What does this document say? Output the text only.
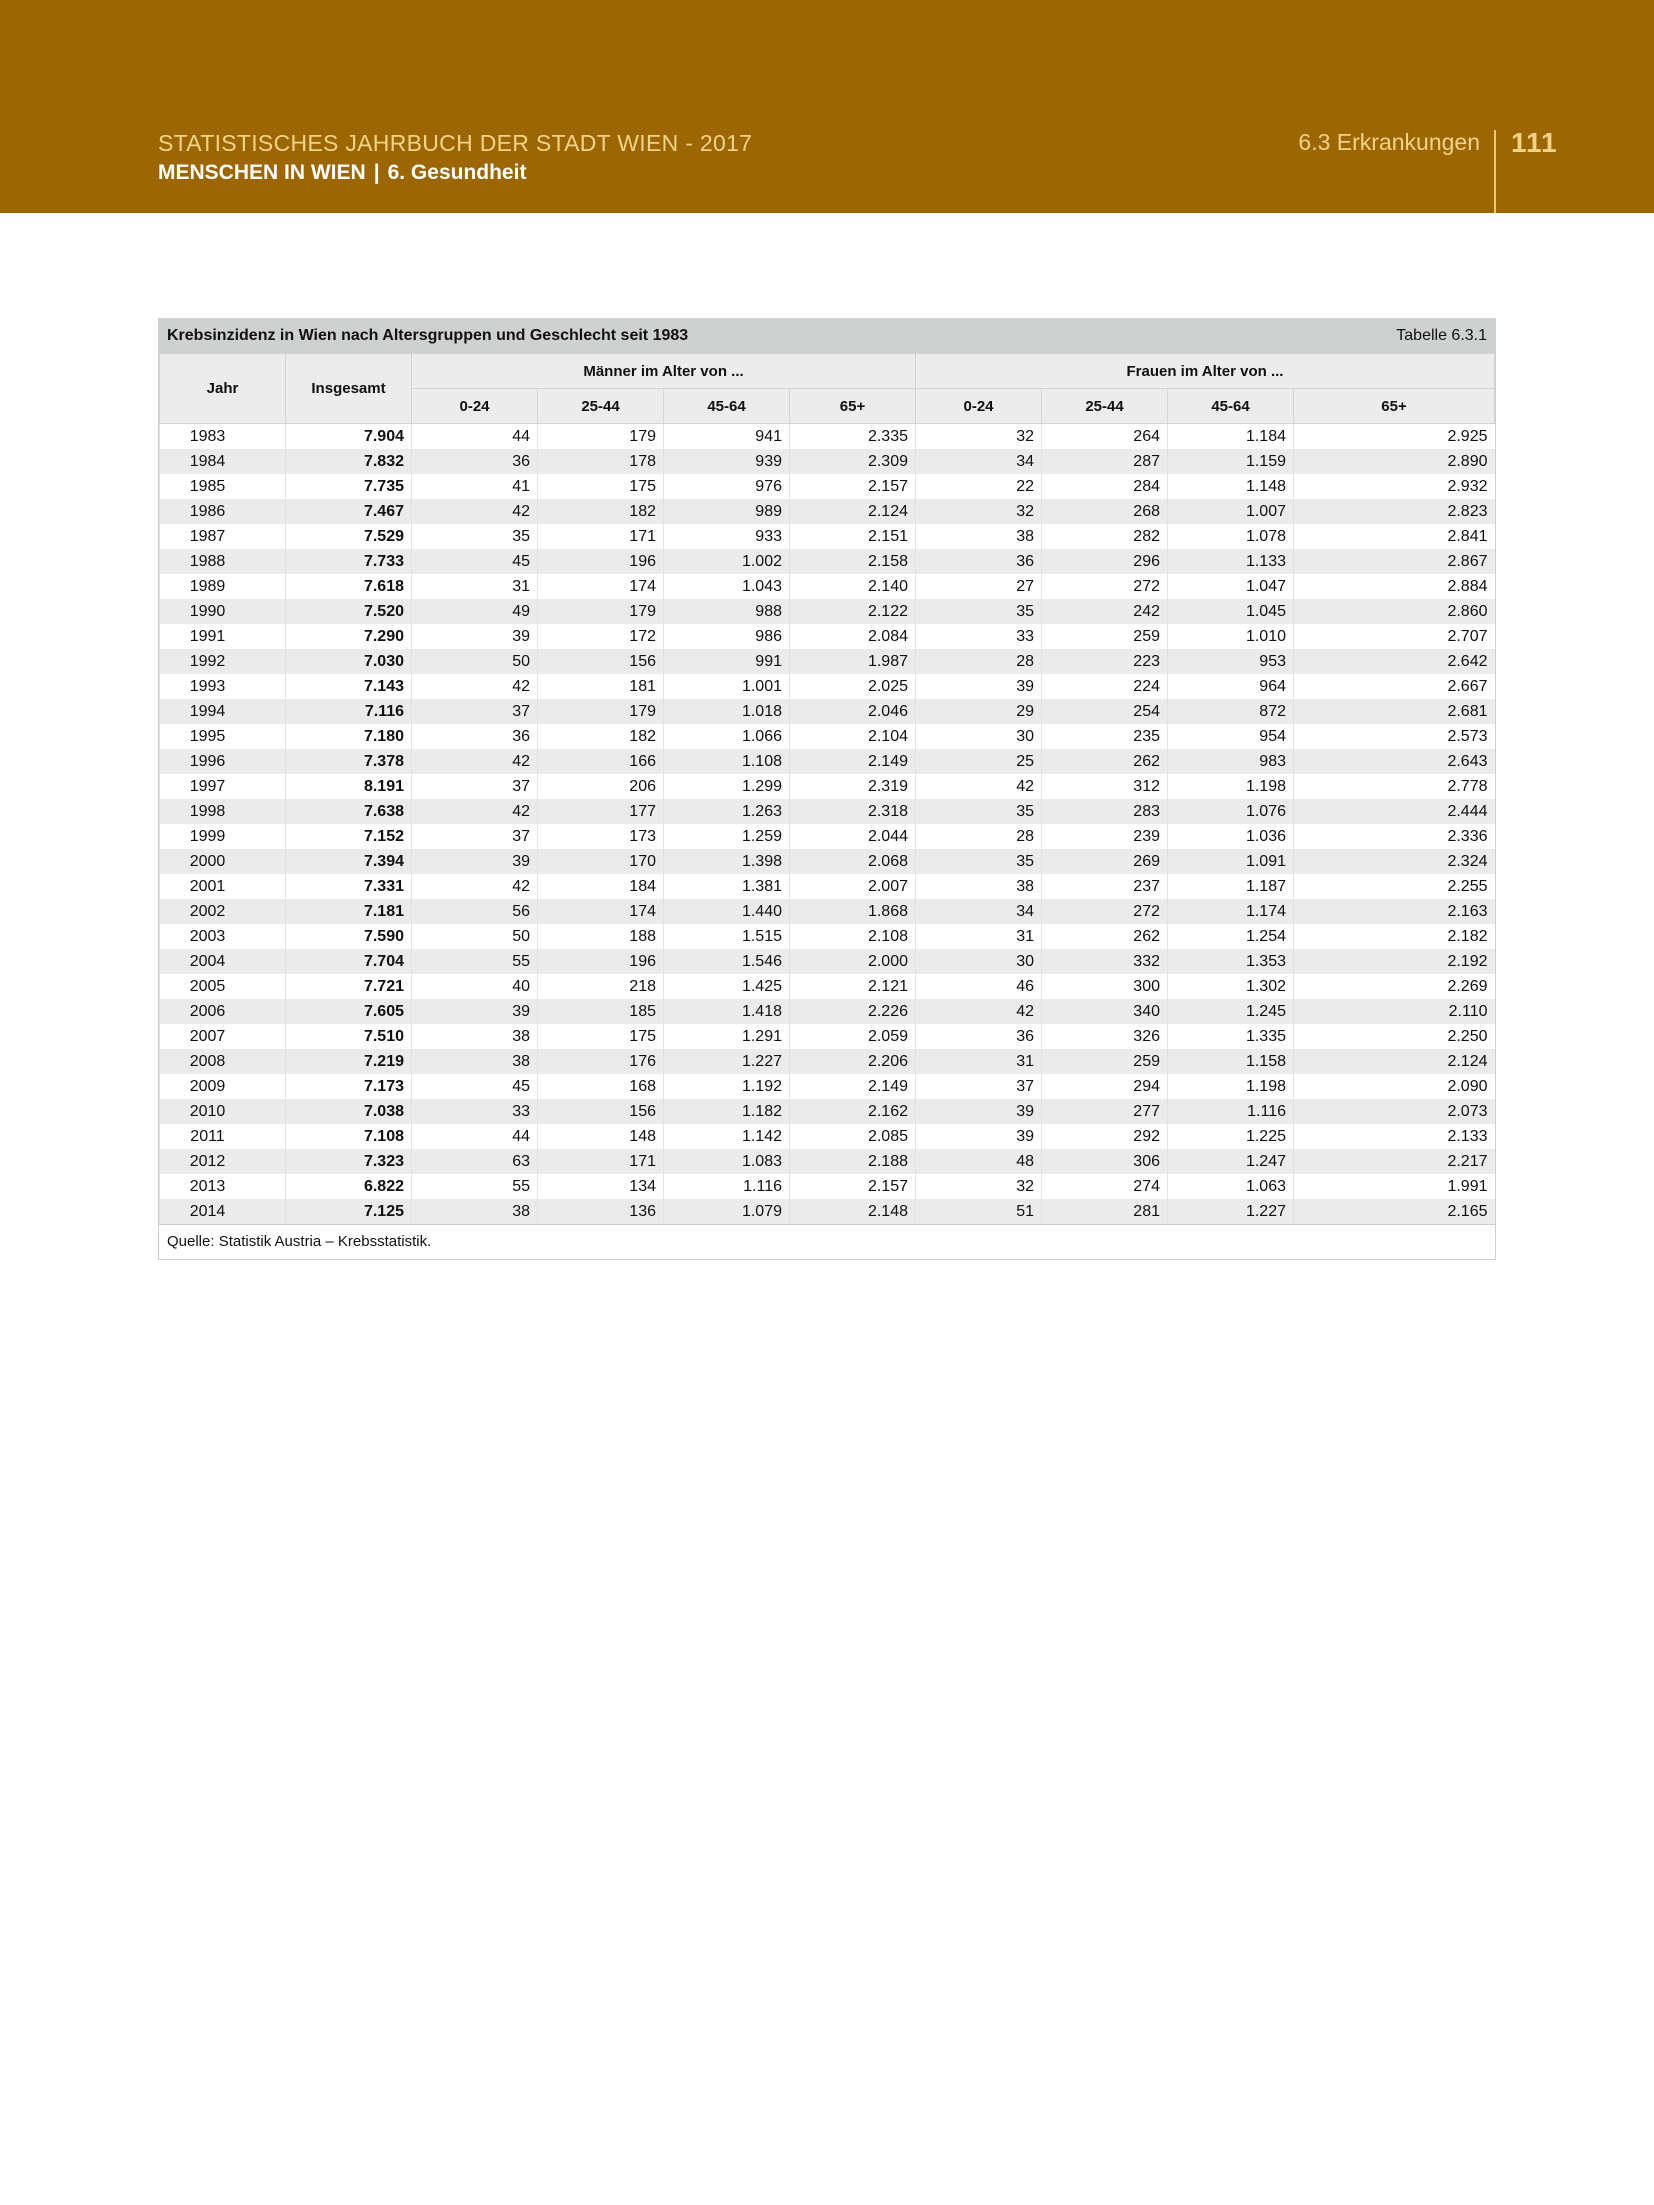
STATISTISCHES JAHRBUCH DER STADT WIEN - 2017
MENSCHEN IN WIEN | 6. Gesundheit
6.3 Erkrankungen 111
Krebsinzidenz in Wien nach Altersgruppen und Geschlecht seit 1983	Tabelle 6.3.1
Jahr	Insgesamt	Männer im Alter von ...				Frauen im Alter von ...			
		0-24	25-44	45-64	65+	0-24	25-44	45-64	65+
1983	7.904	44	179	941	2.335	32	264	1.184	2.925
1984	7.832	36	178	939	2.309	34	287	1.159	2.890
1985	7.735	41	175	976	2.157	22	284	1.148	2.932
1986	7.467	42	182	989	2.124	32	268	1.007	2.823
1987	7.529	35	171	933	2.151	38	282	1.078	2.841
1988	7.733	45	196	1.002	2.158	36	296	1.133	2.867
1989	7.618	31	174	1.043	2.140	27	272	1.047	2.884
1990	7.520	49	179	988	2.122	35	242	1.045	2.860
1991	7.290	39	172	986	2.084	33	259	1.010	2.707
1992	7.030	50	156	991	1.987	28	223	953	2.642
1993	7.143	42	181	1.001	2.025	39	224	964	2.667
1994	7.116	37	179	1.018	2.046	29	254	872	2.681
1995	7.180	36	182	1.066	2.104	30	235	954	2.573
1996	7.378	42	166	1.108	2.149	25	262	983	2.643
1997	8.191	37	206	1.299	2.319	42	312	1.198	2.778
1998	7.638	42	177	1.263	2.318	35	283	1.076	2.444
1999	7.152	37	173	1.259	2.044	28	239	1.036	2.336
2000	7.394	39	170	1.398	2.068	35	269	1.091	2.324
2001	7.331	42	184	1.381	2.007	38	237	1.187	2.255
2002	7.181	56	174	1.440	1.868	34	272	1.174	2.163
2003	7.590	50	188	1.515	2.108	31	262	1.254	2.182
2004	7.704	55	196	1.546	2.000	30	332	1.353	2.192
2005	7.721	40	218	1.425	2.121	46	300	1.302	2.269
2006	7.605	39	185	1.418	2.226	42	340	1.245	2.110
2007	7.510	38	175	1.291	2.059	36	326	1.335	2.250
2008	7.219	38	176	1.227	2.206	31	259	1.158	2.124
2009	7.173	45	168	1.192	2.149	37	294	1.198	2.090
2010	7.038	33	156	1.182	2.162	39	277	1.116	2.073
2011	7.108	44	148	1.142	2.085	39	292	1.225	2.133
2012	7.323	63	171	1.083	2.188	48	306	1.247	2.217
2013	6.822	55	134	1.116	2.157	32	274	1.063	1.991
2014	7.125	38	136	1.079	2.148	51	281	1.227	2.165
Quelle: Statistik Austria – Krebsstatistik.
